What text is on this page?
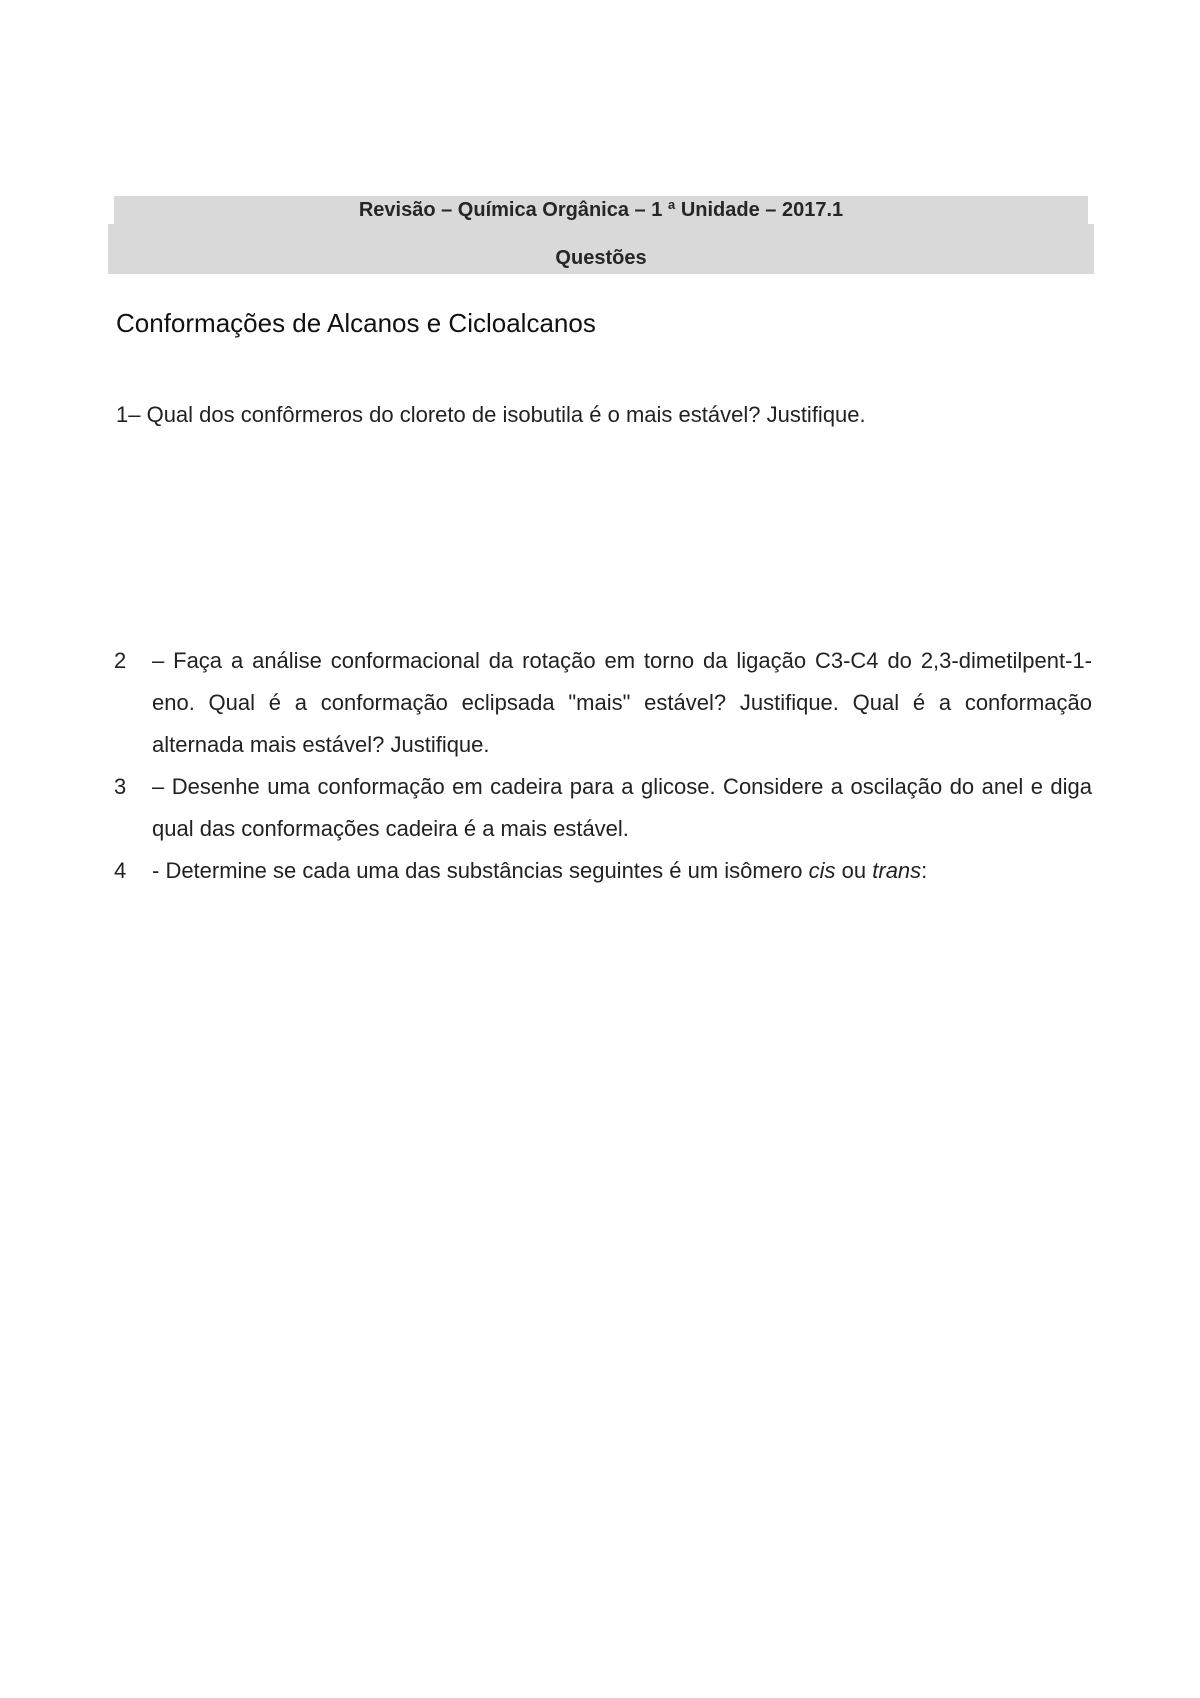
Revisão – Química Orgânica – 1 ª Unidade – 2017.1
Questões
Conformações de Alcanos e Cicloalcanos
1– Qual dos confôrmeros do cloreto de isobutila é o mais estável? Justifique.
2 – Faça a análise conformacional da rotação em torno da ligação C3-C4 do 2,3-dimetilpent-1-eno. Qual é a conformação eclipsada "mais" estável? Justifique. Qual é a conformação alternada mais estável? Justifique.
3 – Desenhe uma conformação em cadeira para a glicose. Considere a oscilação do anel e diga qual das conformações cadeira é a mais estável.
4 - Determine se cada uma das substâncias seguintes é um isômero cis ou trans:
